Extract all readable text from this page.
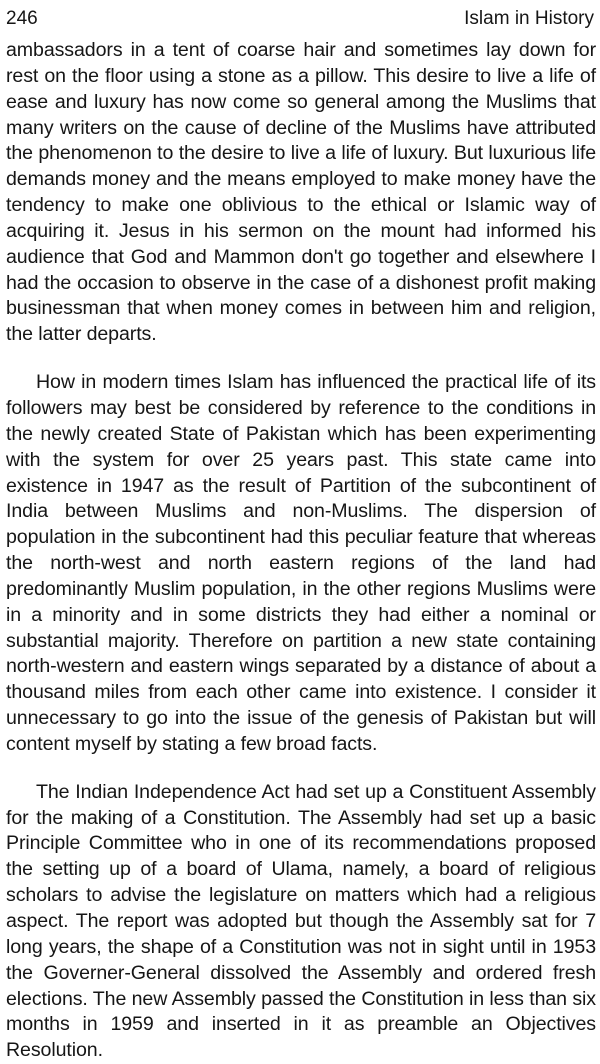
246	Islam in History

ambassadors in a tent of coarse hair and sometimes lay down for rest on the floor using a stone as a pillow. This desire to live a life of ease and luxury has now come so general among the Muslims that many writers on the cause of decline of the Muslims have attributed the phenomenon to the desire to live a life of luxury. But luxurious life demands money and the means employed to make money have the tendency to make one oblivious to the ethical or Islamic way of acquiring it. Jesus in his sermon on the mount had informed his audience that God and Mammon don't go together and elsewhere I had the occasion to observe in the case of a dishonest profit making businessman that when money comes in between him and religion, the latter departs.

How in modern times Islam has influenced the practical life of its followers may best be considered by reference to the conditions in the newly created State of Pakistan which has been experimenting with the system for over 25 years past. This state came into existence in 1947 as the result of Partition of the subcontinent of India between Muslims and non-Muslims. The dispersion of population in the subcontinent had this peculiar feature that whereas the north-west and north eastern regions of the land had predominantly Muslim population, in the other regions Muslims were in a minority and in some districts they had either a nominal or substantial majority. Therefore on partition a new state containing north-western and eastern wings separated by a distance of about a thousand miles from each other came into existence. I consider it unnecessary to go into the issue of the genesis of Pakistan but will content myself by stating a few broad facts.

The Indian Independence Act had set up a Constituent Assembly for the making of a Constitution. The Assembly had set up a basic Principle Committee who in one of its recommendations proposed the setting up of a board of Ulama, namely, a board of religious scholars to advise the legislature on matters which had a religious aspect. The report was adopted but though the Assembly sat for 7 long years, the shape of a Constitution was not in sight until in 1953 the Governer-General dissolved the Assembly and ordered fresh elections. The new Assembly passed the Constitution in less than six months in 1959 and inserted in it as preamble an Objectives Resolution.
